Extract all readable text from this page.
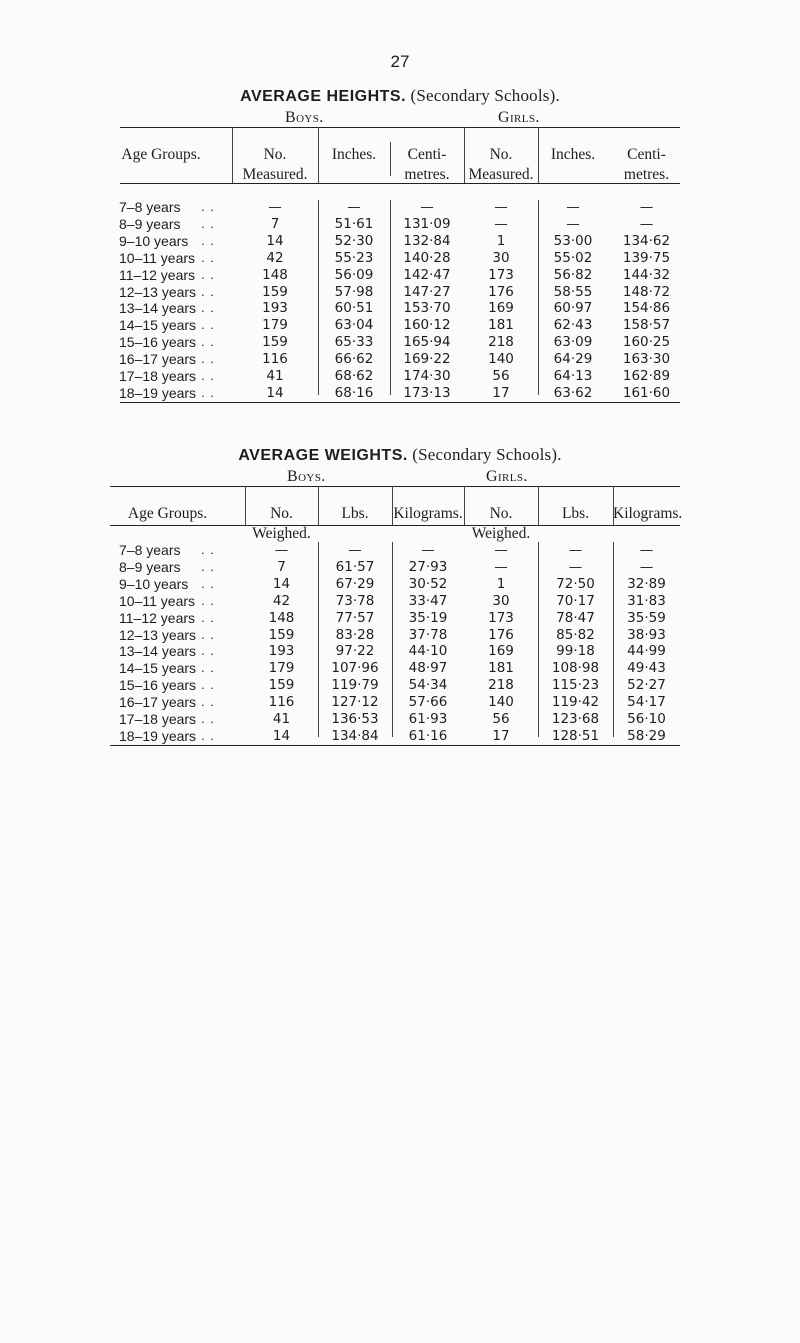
27
AVERAGE HEIGHTS. (Secondary Schools).
Boys.	Girls.
Age Groups.	No.
Measured.
Inches.	Centi-
metres.
No.
Measured.
Inches.	Centi-
metres.
7–8 years . .	—	—	—	—	—	—
8–9 years . .	7	51·61	131·09	—	—	—
9–10 years . .	14	52·30	132·84	1	53·00	134·62
10–11 years . .	42	55·23	140·28	30	55·02	139·75
11–12 years . .	148	56·09	142·47	173	56·82	144·32
12–13 years . .	159	57·98	147·27	176	58·55	148·72
13–14 years . .	193	60·51	153·70	169	60·97	154·86
14–15 years . .	179	63·04	160·12	181	62·43	158·57
15–16 years . .	159	65·33	165·94	218	63·09	160·25
16–17 years . .	116	66·62	169·22	140	64·29	163·30
17–18 years . .	41	68·62	174·30	56	64·13	162·89
18–19 years . .	14	68·16	173·13	17	63·62	161·60
AVERAGE WEIGHTS. (Secondary Schools).
Boys.	Girls.
Age Groups.	No.
Weighed.
Lbs.	Kilograms.	No.
Weighed.
Lbs.	Kilograms.
7–8 years . .	—	—	—	—	—	—
8–9 years . .	7	61·57	27·93	—	—	—
9–10 years . .	14	67·29	30·52	1	72·50	32·89
10–11 years . .	42	73·78	33·47	30	70·17	31·83
11–12 years . .	148	77·57	35·19	173	78·47	35·59
12–13 years . .	159	83·28	37·78	176	85·82	38·93
13–14 years . .	193	97·22	44·10	169	99·18	44·99
14–15 years . .	179	107·96	48·97	181	108·98	49·43
15–16 years . .	159	119·79	54·34	218	115·23	52·27
16–17 years . .	116	127·12	57·66	140	119·42	54·17
17–18 years . .	41	136·53	61·93	56	123·68	56·10
18–19 years . .	14	134·84	61·16	17	128·51	58·29
